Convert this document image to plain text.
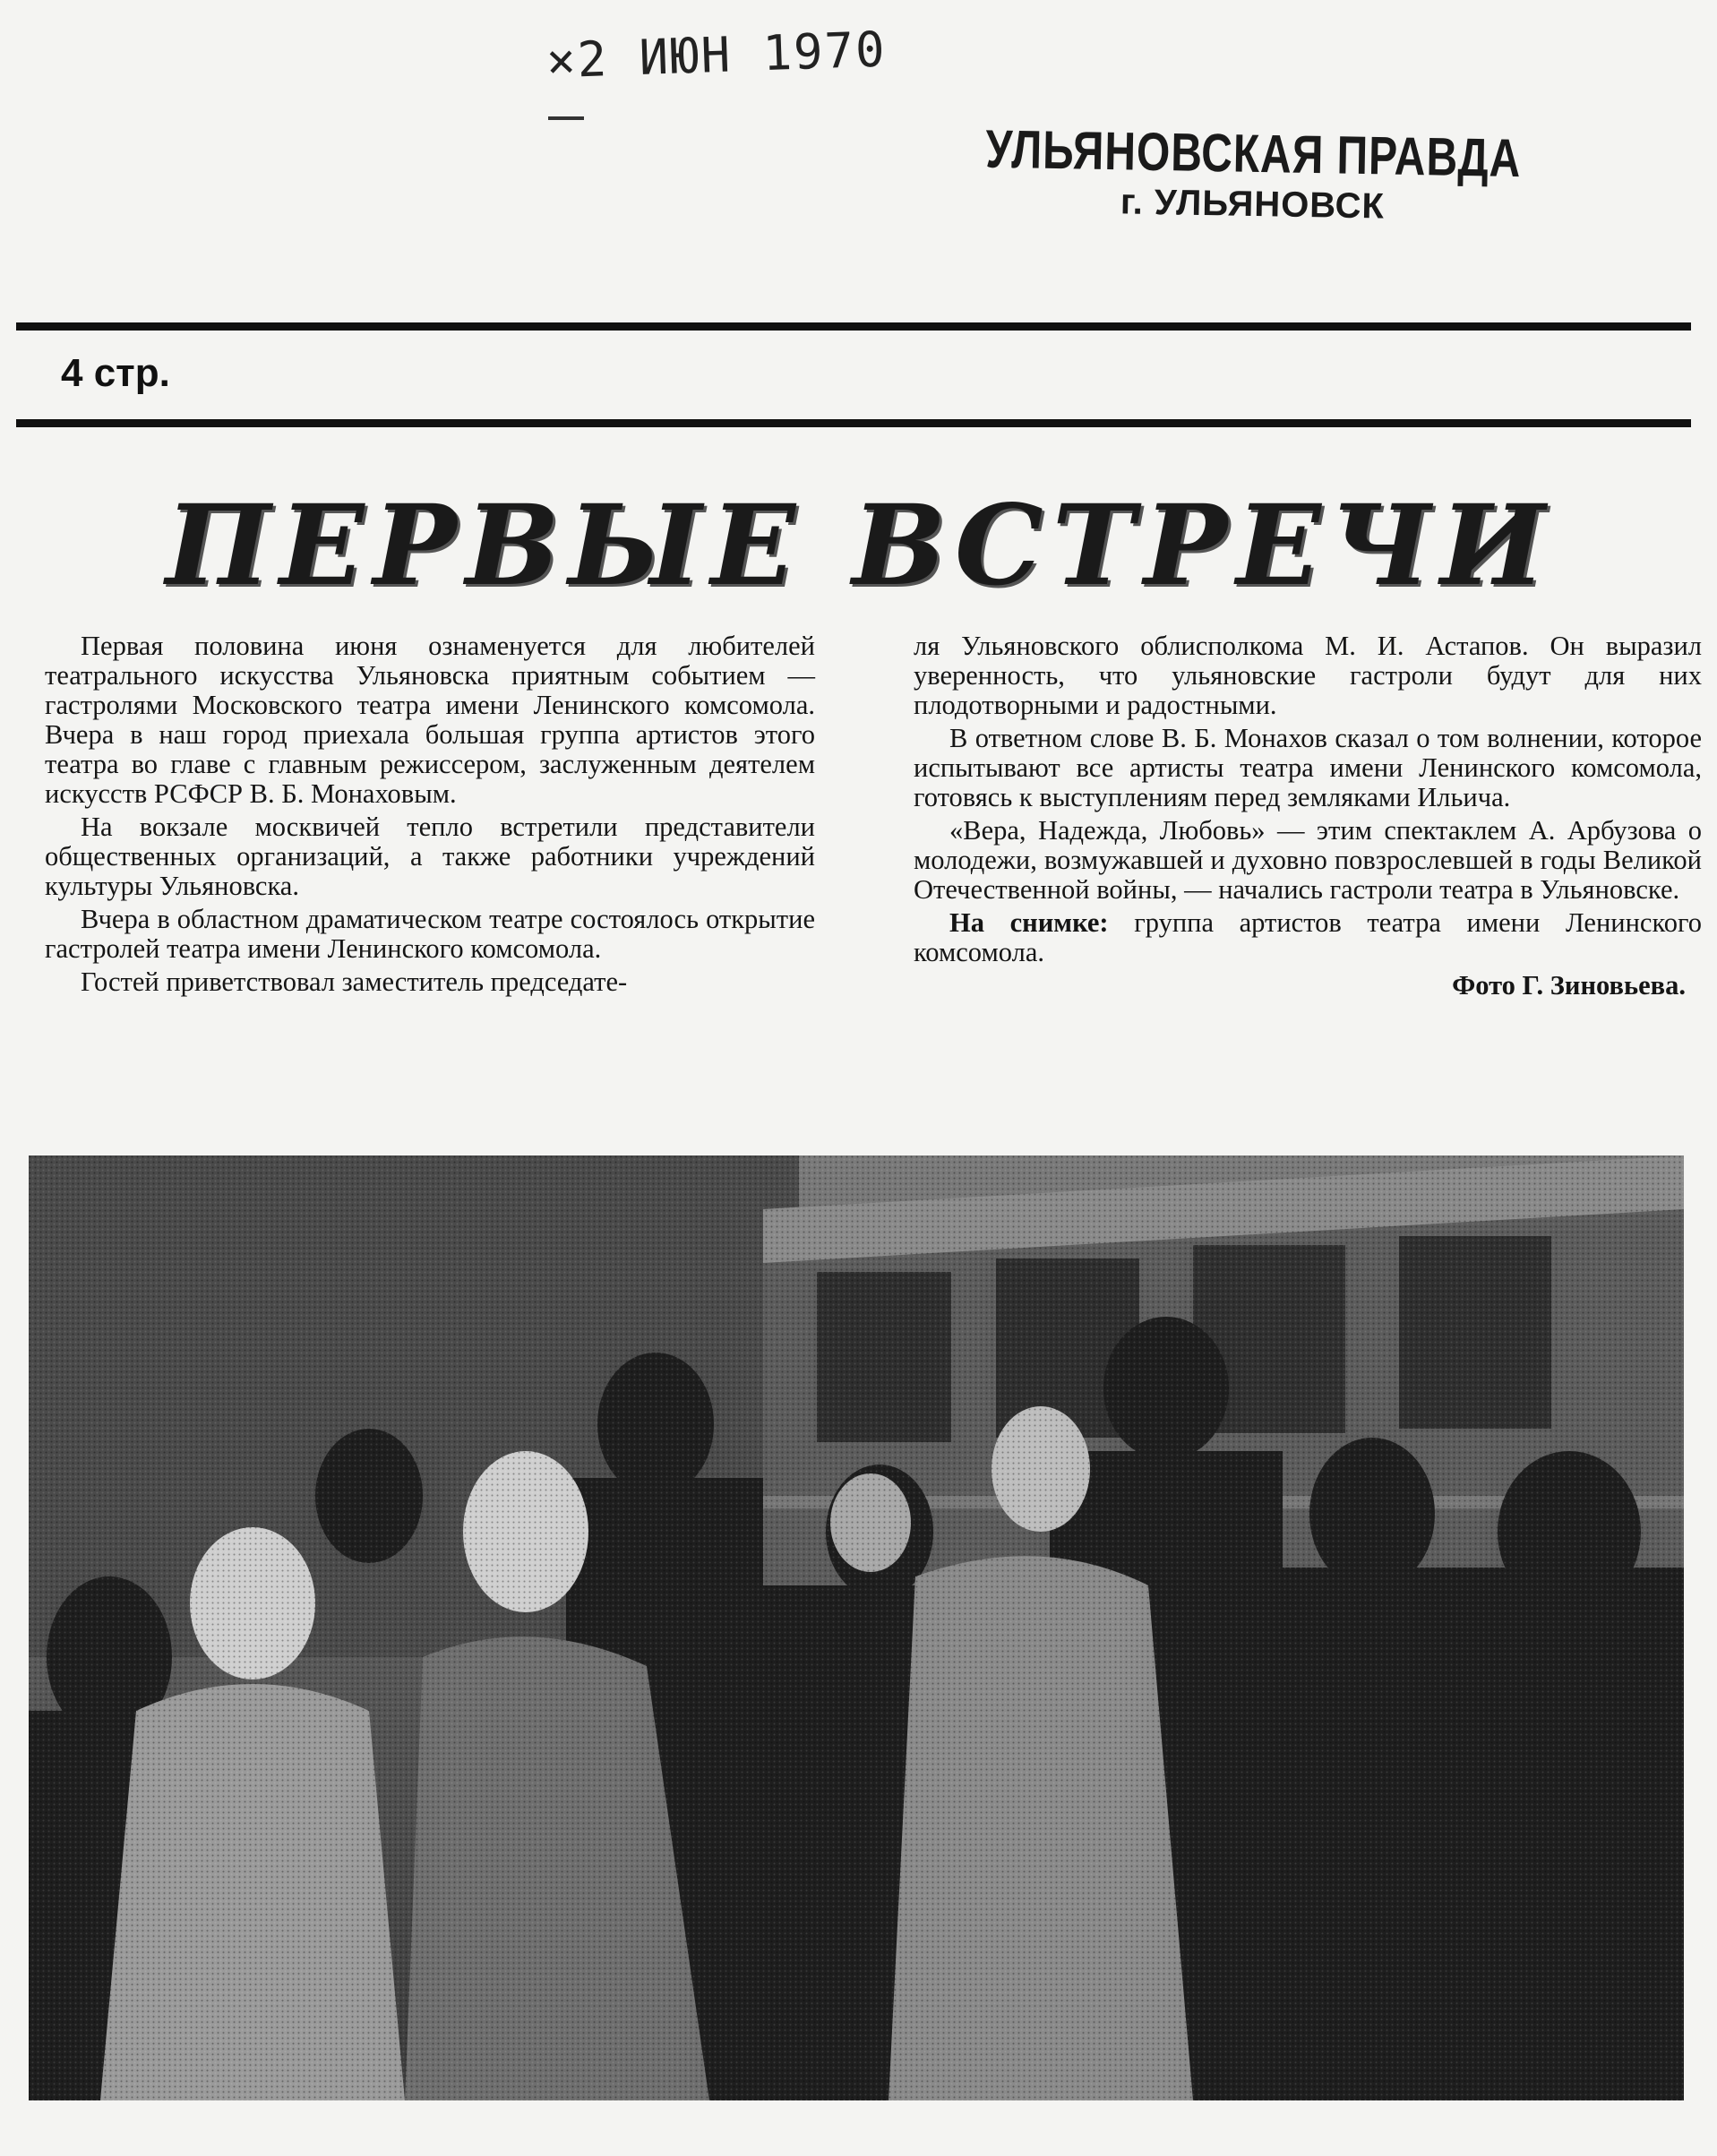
×2 ИЮН 1970
УЛЬЯНОВСКАЯ ПРАВДА
г. УЛЬЯНОВСК
4 стр.
ПЕРВЫЕ ВСТРЕЧИ

Первая половина июня ознаменуется для любителей театрального искусства Ульяновска приятным событием — гастролями Московского театра имени Ленинского комсомола. Вчера в наш город приехала большая группа артистов этого театра во главе с главным режиссером, заслуженным деятелем искусств РСФСР В. Б. Монаховым.

На вокзале москвичей тепло встретили представители общественных организаций, а также работники учреждений культуры Ульяновска.

Вчера в областном драматическом театре состоялось открытие гастролей театра имени Ленинского комсомола.

Гостей приветствовал заместитель председате-

ля Ульяновского облисполкома М. И. Астапов. Он выразил уверенность, что ульяновские гастроли будут для них плодотворными и радостными.

В ответном слове В. Б. Монахов сказал о том волнении, которое испытывают все артисты театра имени Ленинского комсомола, готовясь к выступлениям перед земляками Ильича.

«Вера, Надежда, Любовь» — этим спектаклем А. Арбузова о молодежи, возмужавшей и духовно повзрослевшей в годы Великой Отечественной войны, — начались гастроли театра в Ульяновске.

На снимке: группа артистов театра имени Ленинского комсомола.

Фото Г. Зиновьева.
